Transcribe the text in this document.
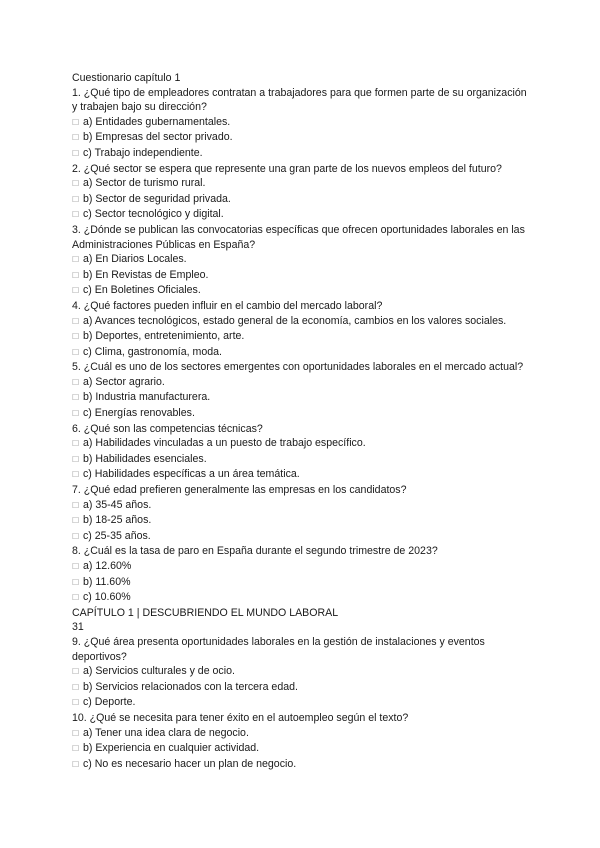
Cuestionario capítulo 1
1. ¿Qué tipo de empleadores contratan a trabajadores para que formen parte de su organización
y trabajen bajo su dirección?
☐ a) Entidades gubernamentales.
☐ b) Empresas del sector privado.
☐ c) Trabajo independiente.
2. ¿Qué sector se espera que represente una gran parte de los nuevos empleos del futuro?
☐ a) Sector de turismo rural.
☐ b) Sector de seguridad privada.
☐ c) Sector tecnológico y digital.
3. ¿Dónde se publican las convocatorias específicas que ofrecen oportunidades laborales en las Administraciones Públicas en España?
☐ a) En Diarios Locales.
☐ b) En Revistas de Empleo.
☐ c) En Boletines Oficiales.
4. ¿Qué factores pueden influir en el cambio del mercado laboral?
☐ a) Avances tecnológicos, estado general de la economía, cambios en los valores sociales.
☐ b) Deportes, entretenimiento, arte.
☐ c) Clima, gastronomía, moda.
5. ¿Cuál es uno de los sectores emergentes con oportunidades laborales en el mercado actual?
☐ a) Sector agrario.
☐ b) Industria manufacturera.
☐ c) Energías renovables.
6. ¿Qué son las competencias técnicas?
☐ a) Habilidades vinculadas a un puesto de trabajo específico.
☐ b) Habilidades esenciales.
☐ c) Habilidades específicas a un área temática.
7. ¿Qué edad prefieren generalmente las empresas en los candidatos?
☐ a) 35-45 años.
☐ b) 18-25 años.
☐ c) 25-35 años.
8. ¿Cuál es la tasa de paro en España durante el segundo trimestre de 2023?
☐ a) 12.60%
☐ b) 11.60%
☐ c) 10.60%
CAPÍTULO 1 | DESCUBRIENDO EL MUNDO LABORAL
31
9. ¿Qué área presenta oportunidades laborales en la gestión de instalaciones y eventos deportivos?
☐ a) Servicios culturales y de ocio.
☐ b) Servicios relacionados con la tercera edad.
☐ c) Deporte.
10. ¿Qué se necesita para tener éxito en el autoempleo según el texto?
☐ a) Tener una idea clara de negocio.
☐ b) Experiencia en cualquier actividad.
☐ c) No es necesario hacer un plan de negocio.
